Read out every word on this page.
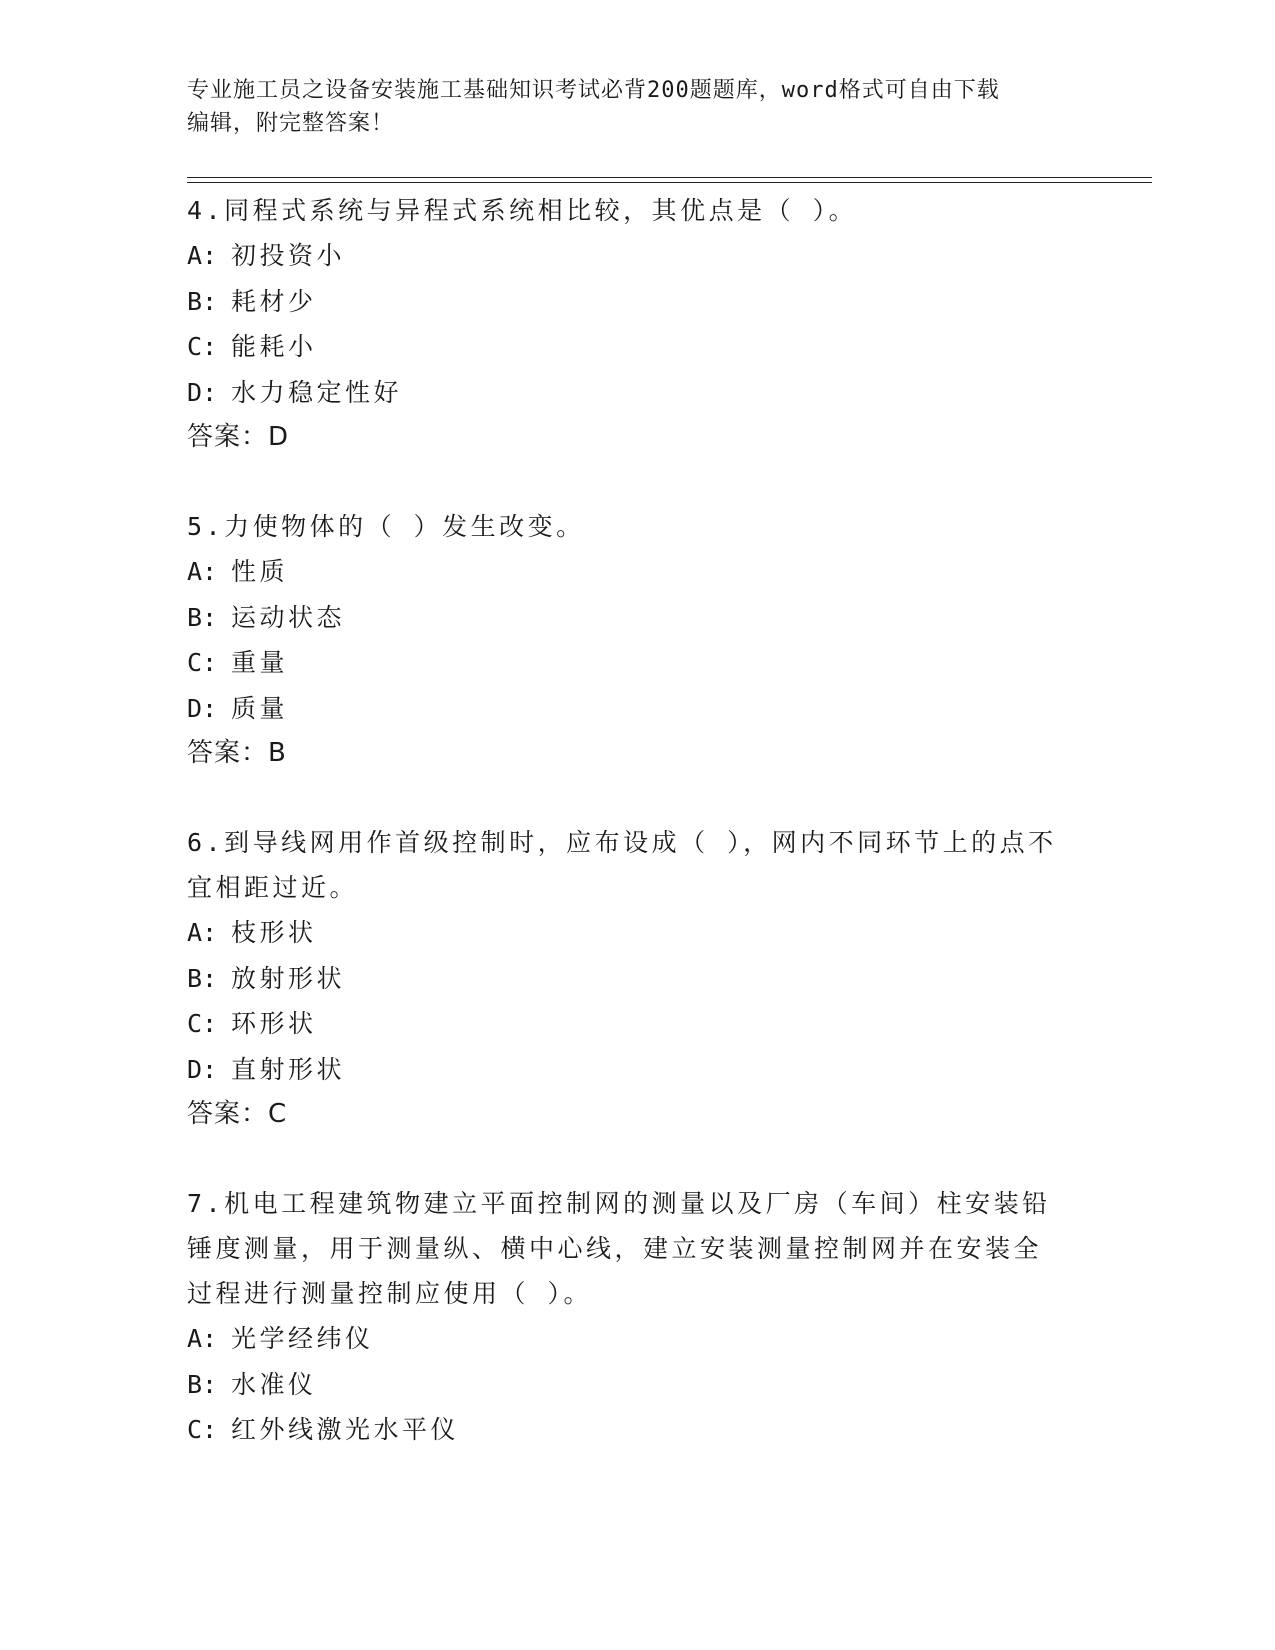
专业施工员之设备安装施工基础知识考试必背200题题库，word格式可自由下载
编辑，附完整答案！
4.同程式系统与异程式系统相比较，其优点是（ ）。
A: 初投资小
B: 耗材少
C: 能耗小
D: 水力稳定性好
答案：D
5.力使物体的（ ）发生改变。
A: 性质
B: 运动状态
C: 重量
D: 质量
答案：B
6.到导线网用作首级控制时，应布设成（ ），网内不同环节上的点不
宜相距过近。
A: 枝形状
B: 放射形状
C: 环形状
D: 直射形状
答案：C
7.机电工程建筑物建立平面控制网的测量以及厂房（车间）柱安装铅
锤度测量，用于测量纵、横中心线，建立安装测量控制网并在安装全
过程进行测量控制应使用（ ）。
A: 光学经纬仪
B: 水准仪
C: 红外线激光水平仪
